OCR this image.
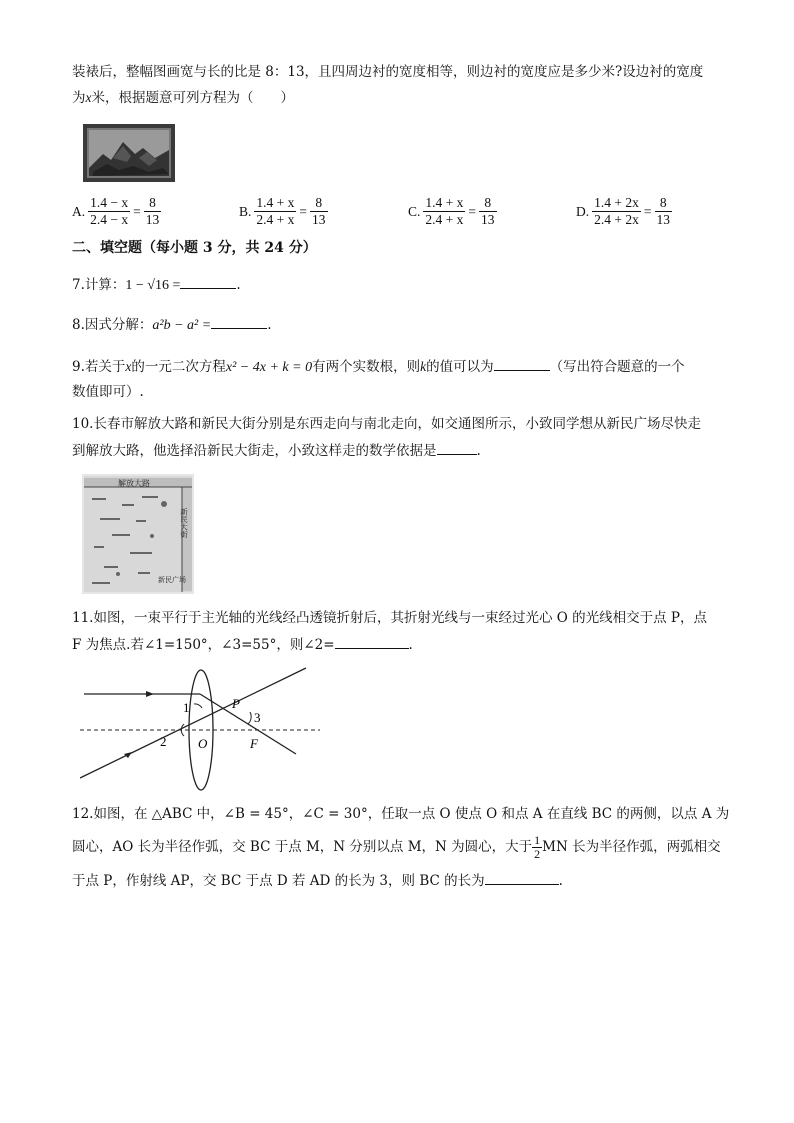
装裱后，整幅图画宽与长的比是 8：13，且四周边衬的宽度相等，则边衬的宽度应是多少米?设边衬的宽度
为x米，根据题意可列方程为（　　）
A. $\frac{1.4 - x}{2.4 - x} = \frac{8}{13}$	B. $\frac{1.4 + x}{2.4 + x} = \frac{8}{13}$	C. $\frac{1.4 + x}{2.4 + x} = \frac{8}{13}$	D. $\frac{1.4 + 2x}{2.4 + 2x} = \frac{8}{13}$
二、填空题（每小题 3 分，共 24 分）
7.计算：1 − √16 =	.
8.因式分解：a²b − a² =	.
9.若关于x的一元二次方程x² − 4x + k = 0有两个实数根，则k的值可以为	（写出符合题意的一个
数值即可）.
10.长春市解放大路和新民大街分别是东西走向与南北走向，如交通图所示，小致同学想从新民广场尽快走
到解放大路，他选择沿新民大街走，小致这样走的数学依据是	.
解放大路
新民大街
新民广场
11.如图，一束平行于主光轴的光线经凸透镜折射后，其折射光线与一束经过光心 O 的光线相交于点 P，点
F 为焦点.若∠1=150°，∠3=55°，则∠2=	.
1
2
3
P
O	F
12.如图，在 △ABC 中，∠B = 45°，∠C = 30°，任取一点 O 使点 O 和点 A 在直线 BC 的两侧，以点 A 为
圆心，AO 长为半径作弧，交 BC 于点 M，N 分别以点 M，N 为圆心，大于 $\frac{1}{2}$ MN 长为半径作弧，两弧相交
于点 P，作射线 AP，交 BC 于点 D 若 AD 的长为 3，则 BC 的长为	.
